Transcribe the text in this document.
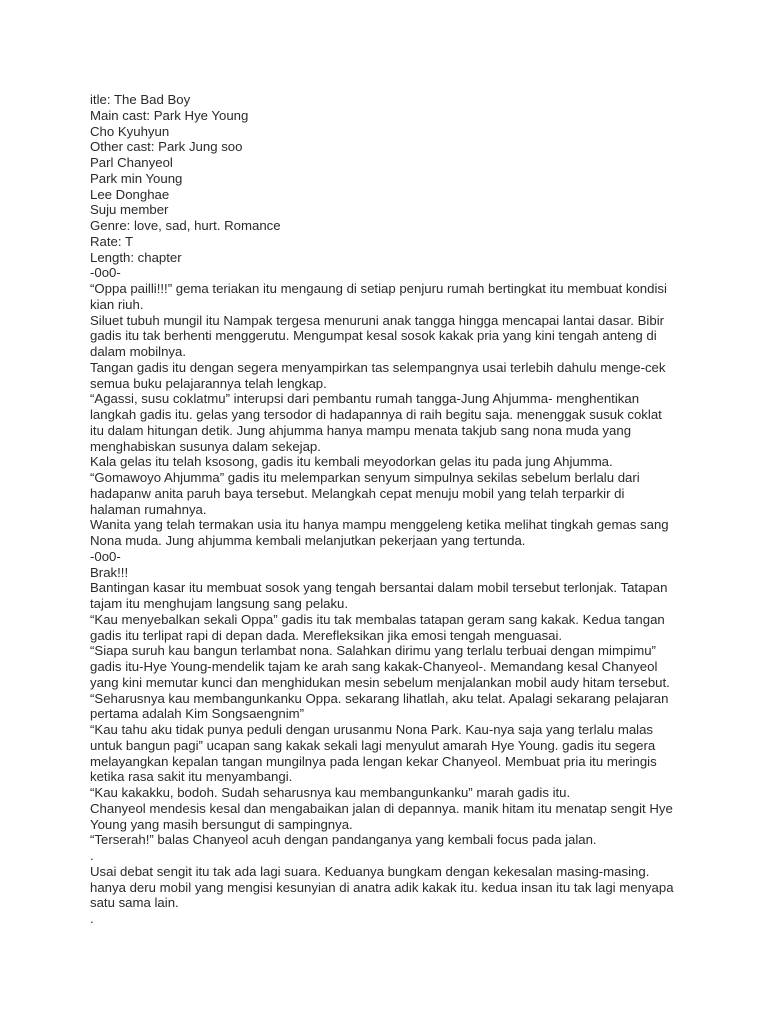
itle: The Bad Boy
Main cast: Park Hye Young
Cho Kyuhyun
Other cast: Park Jung soo
Parl Chanyeol
Park min Young
Lee Donghae
Suju member
Genre: love, sad, hurt. Romance
Rate: T
Length: chapter
-0o0-
“Oppa pailli!!!” gema teriakan itu mengaung di setiap penjuru rumah bertingkat itu membuat kondisi
kian riuh.
Siluet tubuh mungil itu Nampak tergesa menuruni anak tangga hingga mencapai lantai dasar. Bibir
gadis itu tak berhenti menggerutu. Mengumpat kesal sosok kakak pria yang kini tengah anteng di
dalam mobilnya.
Tangan gadis itu dengan segera menyampirkan tas selempangnya usai terlebih dahulu menge-cek
semua buku pelajarannya telah lengkap.
“Agassi, susu coklatmu” interupsi dari pembantu rumah tangga-Jung Ahjumma- menghentikan
langkah gadis itu. gelas yang tersodor di hadapannya di raih begitu saja. menenggak susuk coklat
itu dalam hitungan detik. Jung ahjumma hanya mampu menata takjub sang nona muda yang
menghabiskan susunya dalam sekejap.
Kala gelas itu telah ksosong, gadis itu kembali meyodorkan gelas itu pada jung Ahjumma.
“Gomawoyo Ahjumma” gadis itu melemparkan senyum simpulnya sekilas sebelum berlalu dari
hadapanw anita paruh baya tersebut. Melangkah cepat menuju mobil yang telah terparkir di
halaman rumahnya.
Wanita yang telah termakan usia itu hanya mampu menggeleng ketika melihat tingkah gemas sang
Nona muda. Jung ahjumma kembali melanjutkan pekerjaan yang tertunda.
-0o0-
Brak!!!
Bantingan kasar itu membuat sosok yang tengah bersantai dalam mobil tersebut terlonjak. Tatapan
tajam itu menghujam langsung sang pelaku.
“Kau menyebalkan sekali Oppa” gadis itu tak membalas tatapan geram sang kakak. Kedua tangan
gadis itu terlipat rapi di depan dada. Merefleksikan jika emosi tengah menguasai.
“Siapa suruh kau bangun terlambat nona. Salahkan dirimu yang terlalu terbuai dengan mimpimu”
gadis itu-Hye Young-mendelik tajam ke arah sang kakak-Chanyeol-. Memandang kesal Chanyeol
yang kini memutar kunci dan menghidukan mesin sebelum menjalankan mobil audy hitam tersebut.
“Seharusnya kau membangunkanku Oppa. sekarang lihatlah, aku telat. Apalagi sekarang pelajaran
pertama adalah Kim Songsaengnim”
“Kau tahu aku tidak punya peduli dengan urusanmu Nona Park. Kau-nya saja yang terlalu malas
untuk bangun pagi” ucapan sang kakak sekali lagi menyulut amarah Hye Young. gadis itu segera
melayangkan kepalan tangan mungilnya pada lengan kekar Chanyeol. Membuat pria itu meringis
ketika rasa sakit itu menyambangi.
“Kau kakakku, bodoh. Sudah seharusnya kau membangunkanku” marah gadis itu.
Chanyeol mendesis kesal dan mengabaikan jalan di depannya. manik hitam itu menatap sengit Hye
Young yang masih bersungut di sampingnya.
“Terserah!” balas Chanyeol acuh dengan pandanganya yang kembali focus pada jalan.
.
Usai debat sengit itu tak ada lagi suara. Keduanya bungkam dengan kekesalan masing-masing.
hanya deru mobil yang mengisi kesunyian di anatra adik kakak itu. kedua insan itu tak lagi menyapa
satu sama lain.
.
